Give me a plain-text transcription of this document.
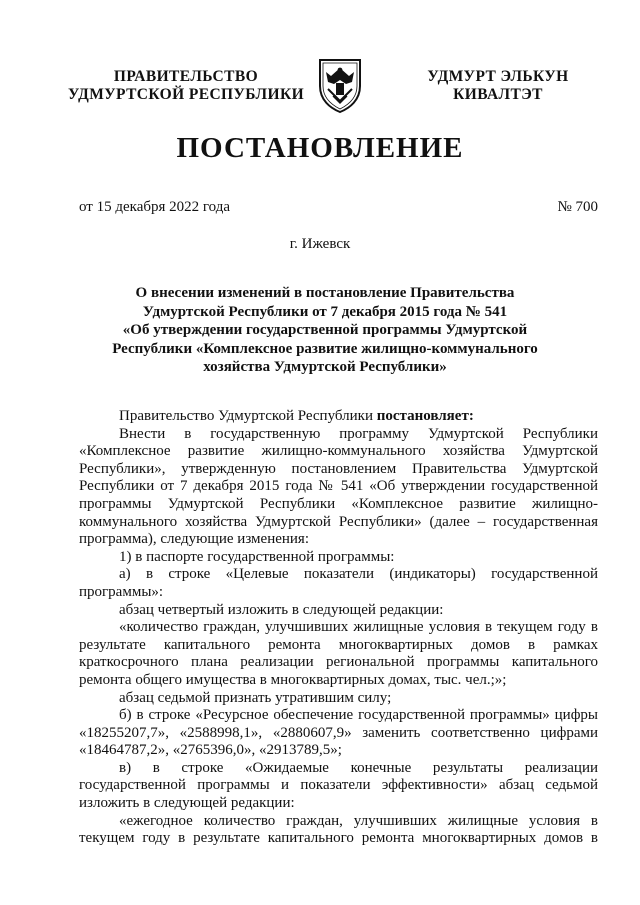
ПРАВИТЕЛЬСТВО
УДМУРТСКОЙ РЕСПУБЛИКИ
УДМУРТ ЭЛЬКУН
КИВАЛТЭТ
ПОСТАНОВЛЕНИЕ
от 15 декабря 2022 года	№ 700
г. Ижевск
О внесении изменений в постановление Правительства
Удмуртской Республики от 7 декабря 2015 года № 541
«Об утверждении государственной программы Удмуртской
Республики «Комплексное развитие жилищно-коммунального
хозяйства Удмуртской Республики»
Правительство Удмуртской Республики постановляет:
Внести в государственную программу Удмуртской Республики
«Комплексное развитие жилищно-коммунального хозяйства Удмуртской
Республики», утвержденную постановлением Правительства Удмуртской
Республики от 7 декабря 2015 года № 541 «Об утверждении государственной
программы Удмуртской Республики «Комплексное развитие жилищно-
коммунального хозяйства Удмуртской Республики» (далее – государственная
программа), следующие изменения:
1) в паспорте государственной программы:
а) в строке «Целевые показатели (индикаторы) государственной
программы»:
абзац четвертый изложить в следующей редакции:
«количество граждан, улучшивших жилищные условия в текущем году в
результате капитального ремонта многоквартирных домов в рамках
краткосрочного плана реализации региональной программы капитального
ремонта общего имущества в многоквартирных домах, тыс. чел.;»;
абзац седьмой признать утратившим силу;
б) в строке «Ресурсное обеспечение государственной программы» цифры
«18255207,7», «2588998,1», «2880607,9» заменить соответственно цифрами
«18464787,2», «2765396,0», «2913789,5»;
в) в строке «Ожидаемые конечные результаты реализации
государственной программы и показатели эффективности» абзац седьмой
изложить в следующей редакции:
«ежегодное количество граждан, улучшивших жилищные условия в
текущем году в результате капитального ремонта многоквартирных домов в
